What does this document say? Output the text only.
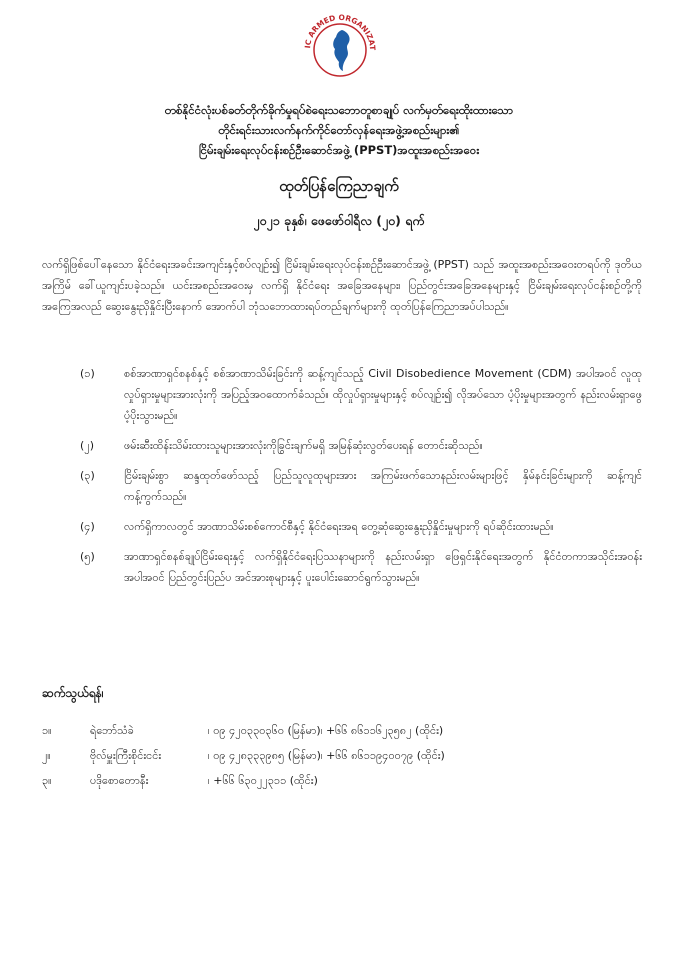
IC ARMED ORGANIZAT
တစ်နိုင်ငံလုံးပစ်ခတ်တိုက်ခိုက်မှုရပ်စဲရေးသဘောတူစာချုပ် လက်မှတ်ရေးထိုးထားသော
တိုင်းရင်းသားလက်နက်ကိုင်တော်လှန်ရေးအဖွဲ့အစည်းများ၏
ငြိမ်းချမ်းရေးလုပ်ငန်းစဉ်ဦးဆောင်အဖွဲ့ (PPST)အထူးအစည်းအဝေး
ထုတ်ပြန်ကြေညာချက်
၂၀၂၁ ခုနှစ်၊ ဖေဖော်ဝါရီလ (၂၀) ရက်
လက်ရှိဖြစ်ပေါ်နေသော နိုင်ငံရေးအခင်းအကျင်းနှင့်စပ်လျဉ်း၍ ငြိမ်းချမ်းရေးလုပ်ငန်းစဉ်ဦးဆောင်အဖွဲ့ (PPST) သည် အထူးအစည်းအဝေးတရပ်ကို ဒုတိယအကြိမ် ခေါ်ယူကျင်းပခဲ့သည်။ ယင်းအစည်းအဝေးမှ လက်ရှိ နိုင်ငံရေး အခြေအနေများ၊ ပြည်တွင်းအခြေအနေများနှင့် ငြိမ်းချမ်းရေးလုပ်ငန်းစဉ်တို့ကို အကြေအလည် ဆွေးနွေးညှိနှိုင်းပြီးနောက် အောက်ပါ ဘုံသဘောထားရပ်တည်ချက်များကို ထုတ်ပြန်ကြေညာအပ်ပါသည်။
(၁)	စစ်အာဏာရှင်စနစ်နှင့် စစ်အာဏာသိမ်းခြင်းကို ဆန့်ကျင်သည့် Civil Disobedience Movement (CDM) အပါအဝင် လူထုလှုပ်ရှားမှုများအားလုံးကို အပြည့်အဝထောက်ခံသည်။ ထိုလှုပ်ရှားမှုများနှင့် စပ်လျဉ်း၍ လိုအပ်သော ပံ့ပိုးမှုများအတွက် နည်းလမ်းရှာဖွေပံ့ပိုးသွားမည်။
(၂)	ဖမ်းဆီးထိန်းသိမ်းထားသူများအားလုံးကိုခြွင်းချက်မရှိ အမြန်ဆုံးလွတ်ပေးရန် တောင်းဆိုသည်။
(၃)	ငြိမ်းချမ်းစွာ ဆန္ဒထုတ်ဖော်သည့် ပြည်သူလူထုများအား အကြမ်းဖက်သောနည်းလမ်းများဖြင့် နှိမ်နင်းခြင်းများကို ဆန့်ကျင်ကန့်ကွက်သည်။
(၄)	လက်ရှိကာလတွင် အာဏာသိမ်းစစ်ကောင်စီနှင့် နိုင်ငံရေးအရ တွေ့ဆုံဆွေးနွေးညှိနှိုင်းမှုများကို ရပ်ဆိုင်းထားမည်။
(၅)	အာဏာရှင်စနစ်ချုပ်ငြိမ်းရေးနှင့် လက်ရှိနိုင်ငံရေးပြဿနာများကို နည်းလမ်းရှာ ဖြေရှင်းနိုင်ရေးအတွက် နိုင်ငံတကာအသိုင်းအဝန်းအပါအဝင် ပြည်တွင်းပြည်ပ အင်အားစုများနှင့် ပူးပေါင်းဆောင်ရွက်သွားမည်။
ဆက်သွယ်ရန်၊
၁။	ရဲဘော်သံခဲ	၊ ၀၉ ၄၂၀၃၃၀၃၆၀ (မြန်မာ)၊ +၆၆ ၈၆၁၁၆၂၃၅၈၂ (ထိုင်း)
၂။	ဗိုလ်မှူးကြီးစိုင်းငင်း	၊ ၀၉ ၄၂၈၃၃၃၉၈၅ (မြန်မာ)၊ +၆၆ ၈၆၁၁၉၄၀၀၇၉ (ထိုင်း)
၃။	ပဒိုစောတောနီး	၊ +၆၆ ၆၃၀၂၂၃၁၁ (ထိုင်း)
